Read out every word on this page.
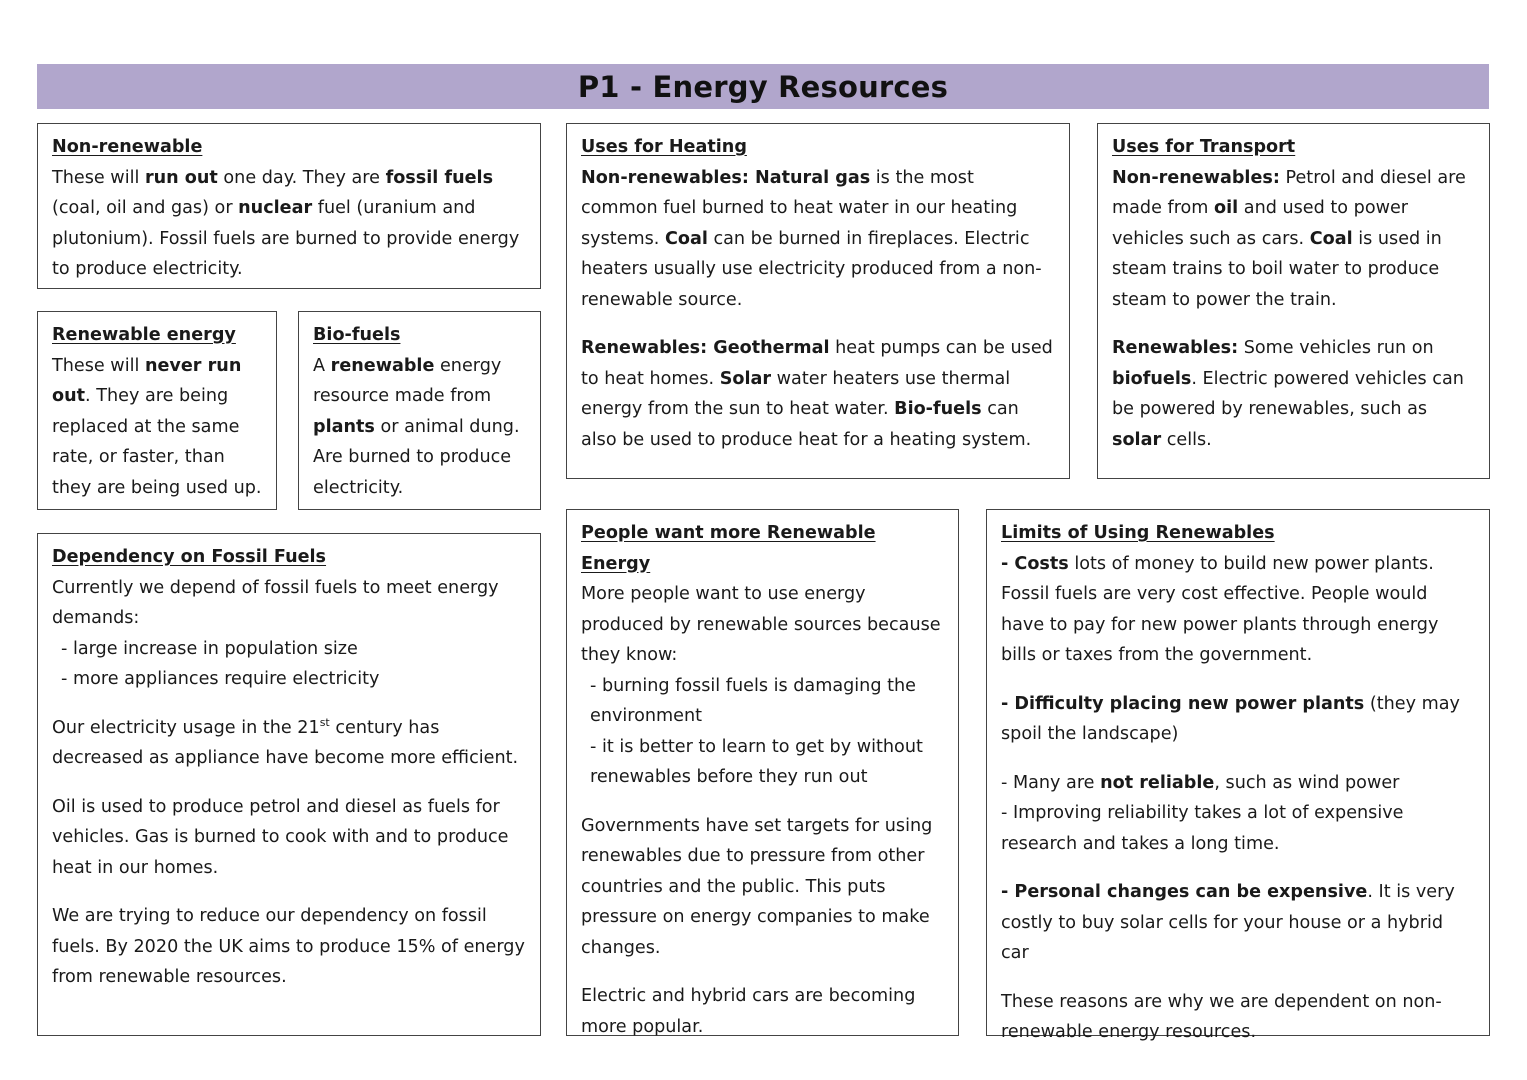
P1 - Energy Resources
Non-renewable

These will run out one day. They are fossil fuels (coal, oil and gas) or nuclear fuel (uranium and plutonium). Fossil fuels are burned to provide energy to produce electricity.

Renewable energy

These will never run out. They are being replaced at the same rate, or faster, than they are being used up.

Bio-fuels

A renewable energy resource made from plants or animal dung. Are burned to produce electricity.

Dependency on Fossil Fuels

Currently we depend of fossil fuels to meet energy demands:

- large increase in population size

- more appliances require electricity

Our electricity usage in the 21st century has decreased as appliance have become more efficient.

Oil is used to produce petrol and diesel as fuels for vehicles. Gas is burned to cook with and to produce heat in our homes.

We are trying to reduce our dependency on fossil fuels. By 2020 the UK aims to produce 15% of energy from renewable resources.

Uses for Heating

Non-renewables: Natural gas is the most common fuel burned to heat water in our heating systems. Coal can be burned in fireplaces. Electric heaters usually use electricity produced from a non-renewable source.

Renewables: Geothermal heat pumps can be used to heat homes. Solar water heaters use thermal energy from the sun to heat water. Bio-fuels can also be used to produce heat for a heating system.

Uses for Transport

Non-renewables: Petrol and diesel are made from oil and used to power vehicles such as cars. Coal is used in steam trains to boil water to produce steam to power the train.

Renewables: Some vehicles run on biofuels. Electric powered vehicles can be powered by renewables, such as solar cells.

People want more Renewable Energy

More people want to use energy produced by renewable sources because they know:

- burning fossil fuels is damaging the environment

- it is better to learn to get by without renewables before they run out

Governments have set targets for using renewables due to pressure from other countries and the public. This puts pressure on energy companies to make changes.

Electric and hybrid cars are becoming more popular.

Limits of Using Renewables

- Costs lots of money to build new power plants. Fossil fuels are very cost effective. People would have to pay for new power plants through energy bills or taxes from the government.

- Difficulty placing new power plants (they may spoil the landscape)

- Many are not reliable, such as wind power

- Improving reliability takes a lot of expensive research and takes a long time.

- Personal changes can be expensive. It is very costly to buy solar cells for your house or a hybrid car

These reasons are why we are dependent on non-renewable energy resources.
